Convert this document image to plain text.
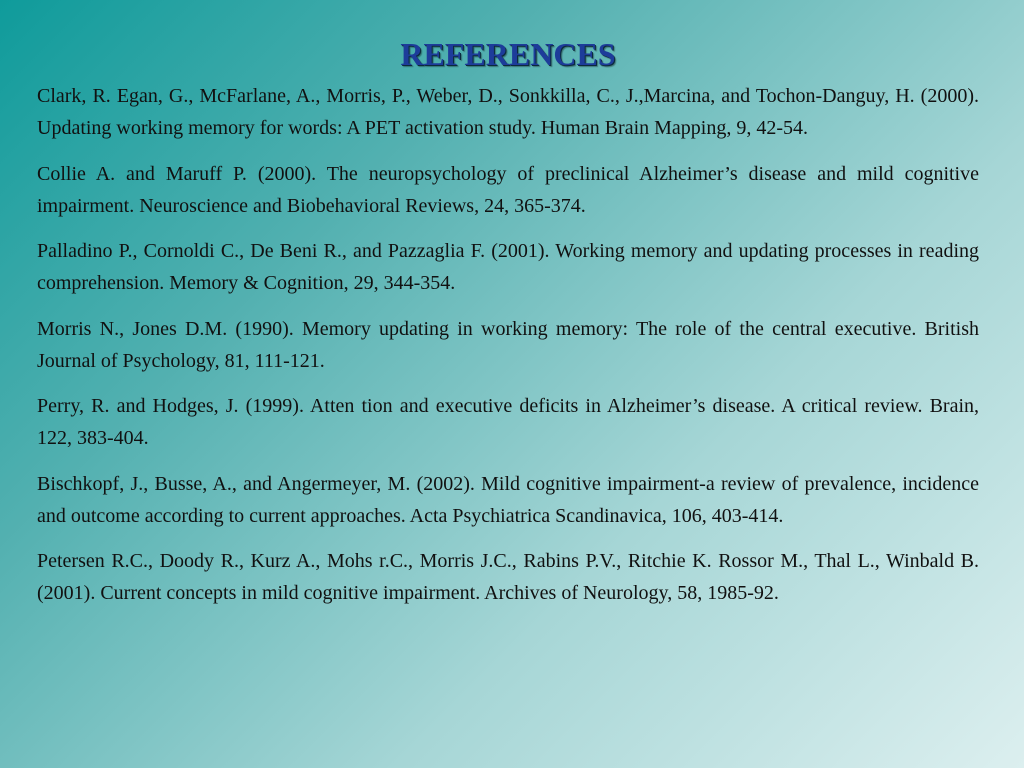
REFERENCES

Clark, R. Egan, G., McFarlane, A., Morris, P., Weber, D., Sonkkilla, C., J.,Marcina, and Tochon-Danguy, H. (2000). Updating working memory for words: A PET activation study. Human Brain Mapping, 9, 42-54.

Collie A. and Maruff P. (2000). The neuropsychology of preclinical Alzheimer’s disease and mild cognitive impairment. Neuroscience and Biobehavioral Reviews, 24, 365-374.

Palladino P., Cornoldi C., De Beni R., and Pazzaglia F. (2001). Working memory and updating processes in reading comprehension. Memory & Cognition, 29, 344-354.

Morris N., Jones D.M. (1990). Memory updating in working memory: The role of the central executive. British Journal of Psychology, 81, 111-121.

Perry, R. and Hodges, J. (1999). Atten tion and executive deficits in Alzheimer’s disease. A critical review. Brain, 122, 383-404.

Bischkopf, J., Busse, A., and Angermeyer, M. (2002). Mild cognitive impairment-a review of prevalence, incidence and outcome according to current approaches. Acta Psychiatrica Scandinavica, 106, 403-414.

Petersen R.C., Doody R., Kurz A., Mohs r.C., Morris J.C., Rabins P.V., Ritchie K. Rossor M., Thal L., Winbald B. (2001). Current concepts in mild cognitive impairment. Archives of Neurology, 58, 1985-92.
